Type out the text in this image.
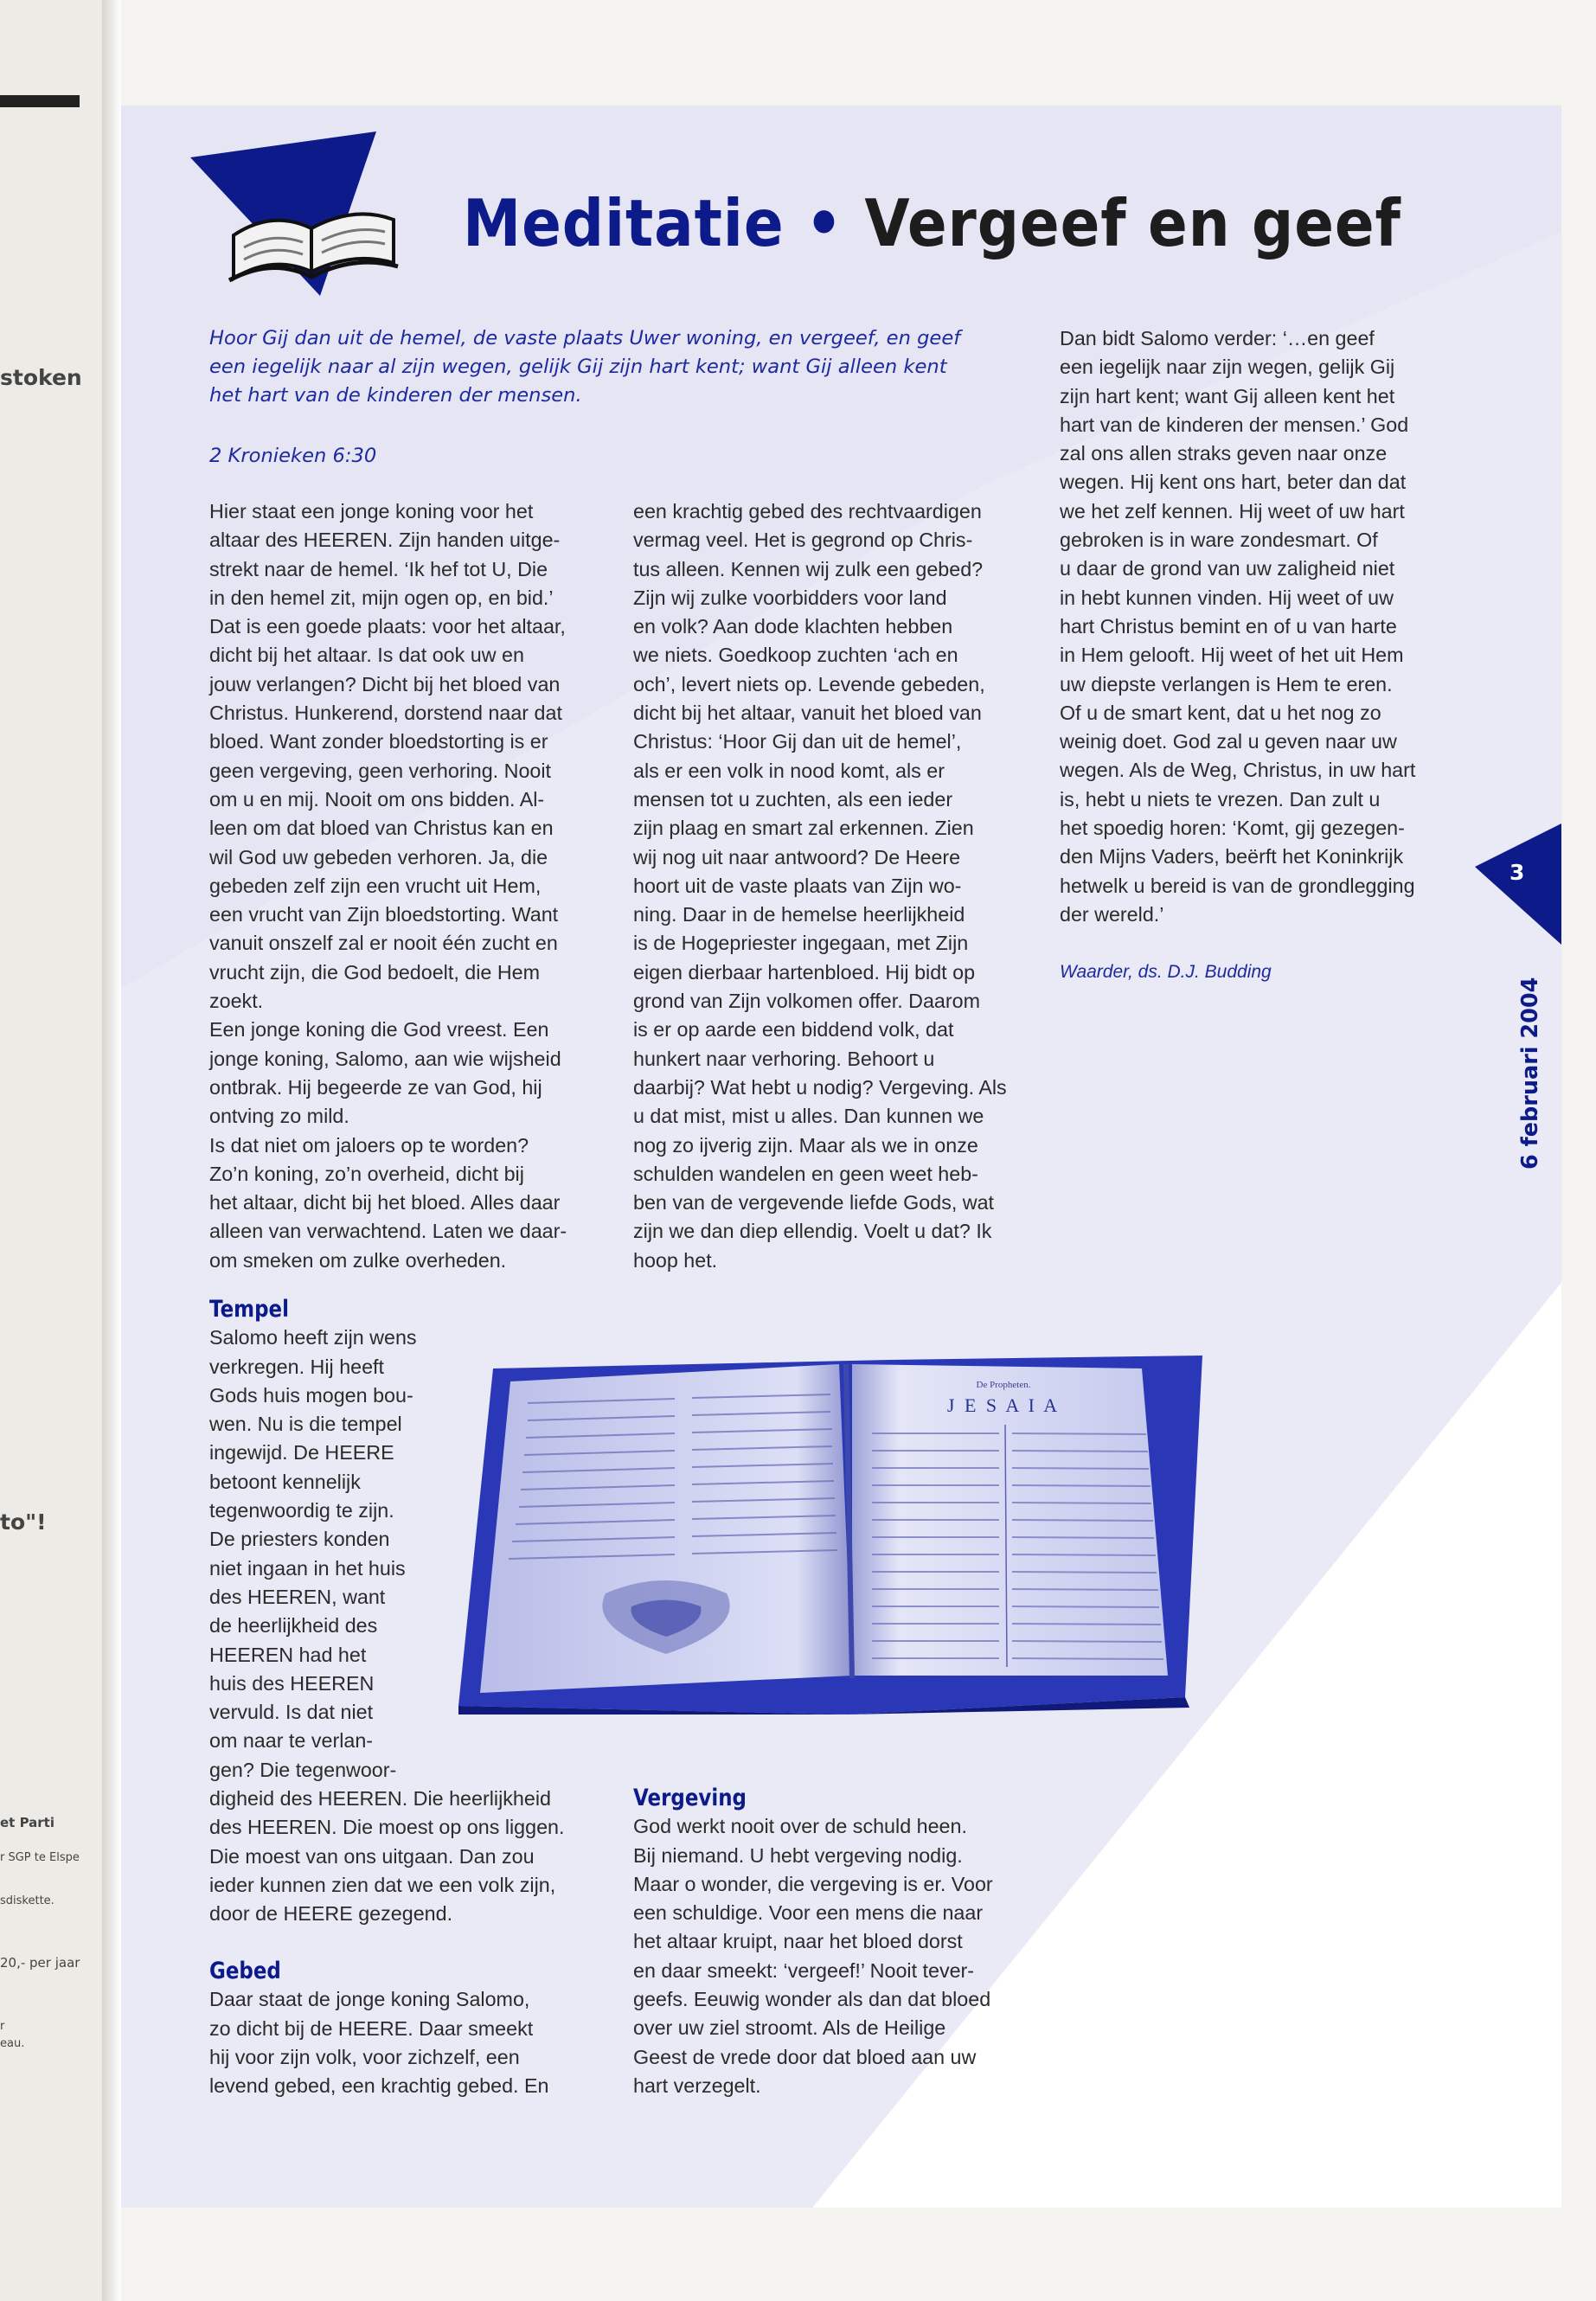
stoken
to"!
et Parti
r SGP te Elspe
sdiskette.
20,- per jaar
r
eau.
Meditatie • Vergeef en geef
Hoor Gij dan uit de hemel, de vaste plaats Uwer woning, en vergeef, en geef
een iegelijk naar al zijn wegen, gelijk Gij zijn hart kent; want Gij alleen kent
het hart van de kinderen der mensen.
2 Kronieken 6:30
Hier staat een jonge koning voor het
altaar des HEEREN. Zijn handen uitge-
strekt naar de hemel. ‘Ik hef tot U, Die
in den hemel zit, mijn ogen op, en bid.’
Dat is een goede plaats: voor het altaar,
dicht bij het altaar. Is dat ook uw en
jouw verlangen? Dicht bij het bloed van
Christus. Hunkerend, dorstend naar dat
bloed. Want zonder bloedstorting is er
geen vergeving, geen verhoring. Nooit
om u en mij. Nooit om ons bidden. Al-
leen om dat bloed van Christus kan en
wil God uw gebeden verhoren. Ja, die
gebeden zelf zijn een vrucht uit Hem,
een vrucht van Zijn bloedstorting. Want
vanuit onszelf zal er nooit één zucht en
vrucht zijn, die God bedoelt, die Hem
zoekt.
Een jonge koning die God vreest. Een
jonge koning, Salomo, aan wie wijsheid
ontbrak. Hij begeerde ze van God, hij
ontving zo mild.
Is dat niet om jaloers op te worden?
Zo’n koning, zo’n overheid, dicht bij
het altaar, dicht bij het bloed. Alles daar
alleen van verwachtend. Laten we daar-
om smeken om zulke overheden.
een krachtig gebed des rechtvaardigen
vermag veel. Het is gegrond op Chris-
tus alleen. Kennen wij zulk een gebed?
Zijn wij zulke voorbidders voor land
en volk? Aan dode klachten hebben
we niets. Goedkoop zuchten ‘ach en
och’, levert niets op. Levende gebeden,
dicht bij het altaar, vanuit het bloed van
Christus: ‘Hoor Gij dan uit de hemel’,
als er een volk in nood komt, als er
mensen tot u zuchten, als een ieder
zijn plaag en smart zal erkennen. Zien
wij nog uit naar antwoord? De Heere
hoort uit de vaste plaats van Zijn wo-
ning. Daar in de hemelse heerlijkheid
is de Hogepriester ingegaan, met Zijn
eigen dierbaar hartenbloed. Hij bidt op
grond van Zijn volkomen offer. Daarom
is er op aarde een biddend volk, dat
hunkert naar verhoring. Behoort u
daarbij? Wat hebt u nodig? Vergeving. Als
u dat mist, mist u alles. Dan kunnen we
nog zo ijverig zijn. Maar als we in onze
schulden wandelen en geen weet heb-
ben van de vergevende liefde Gods, wat
zijn we dan diep ellendig. Voelt u dat? Ik
hoop het.
Dan bidt Salomo verder: ‘…en geef
een iegelijk naar zijn wegen, gelijk Gij
zijn hart kent; want Gij alleen kent het
hart van de kinderen der mensen.’ God
zal ons allen straks geven naar onze
wegen. Hij kent ons hart, beter dan dat
we het zelf kennen. Hij weet of uw hart
gebroken is in ware zondesmart. Of
u daar de grond van uw zaligheid niet
in hebt kunnen vinden. Hij weet of uw
hart Christus bemint en of u van harte
in Hem gelooft. Hij weet of het uit Hem
uw diepste verlangen is Hem te eren.
Of u de smart kent, dat u het nog zo
weinig doet. God zal u geven naar uw
wegen. Als de Weg, Christus, in uw hart
is, hebt u niets te vrezen. Dan zult u
het spoedig horen: ‘Komt, gij gezegen-
den Mijns Vaders, beërft het Koninkrijk
hetwelk u bereid is van de grondlegging
der wereld.’
Waarder, ds. D.J. Budding
3
6 februari 2004
Tempel
Salomo heeft zijn wens
verkregen. Hij heeft
Gods huis mogen bou-
wen. Nu is die tempel
ingewijd. De HEERE
betoont kennelijk
tegenwoordig te zijn.
De priesters konden
niet ingaan in het huis
des HEEREN, want
de heerlijkheid des
HEEREN had het
huis des HEEREN
vervuld. Is dat niet
om naar te verlan-
gen? Die tegenwoor-
digheid des HEEREN. Die heerlijkheid
des HEEREN. Die moest op ons liggen.
Die moest van ons uitgaan. Dan zou
ieder kunnen zien dat we een volk zijn,
door de HEERE gezegend.
Gebed
Daar staat de jonge koning Salomo,
zo dicht bij de HEERE. Daar smeekt
hij voor zijn volk, voor zichzelf, een
levend gebed, een krachtig gebed. En
Vergeving
God werkt nooit over de schuld heen.
Bij niemand. U hebt vergeving nodig.
Maar o wonder, die vergeving is er. Voor
een schuldige. Voor een mens die naar
het altaar kruipt, naar het bloed dorst
en daar smeekt: ‘vergeef!’ Nooit tever-
geefs. Eeuwig wonder als dan dat bloed
over uw ziel stroomt. Als de Heilige
Geest de vrede door dat bloed aan uw
hart verzegelt.
De Propheten.
J E S A I A
